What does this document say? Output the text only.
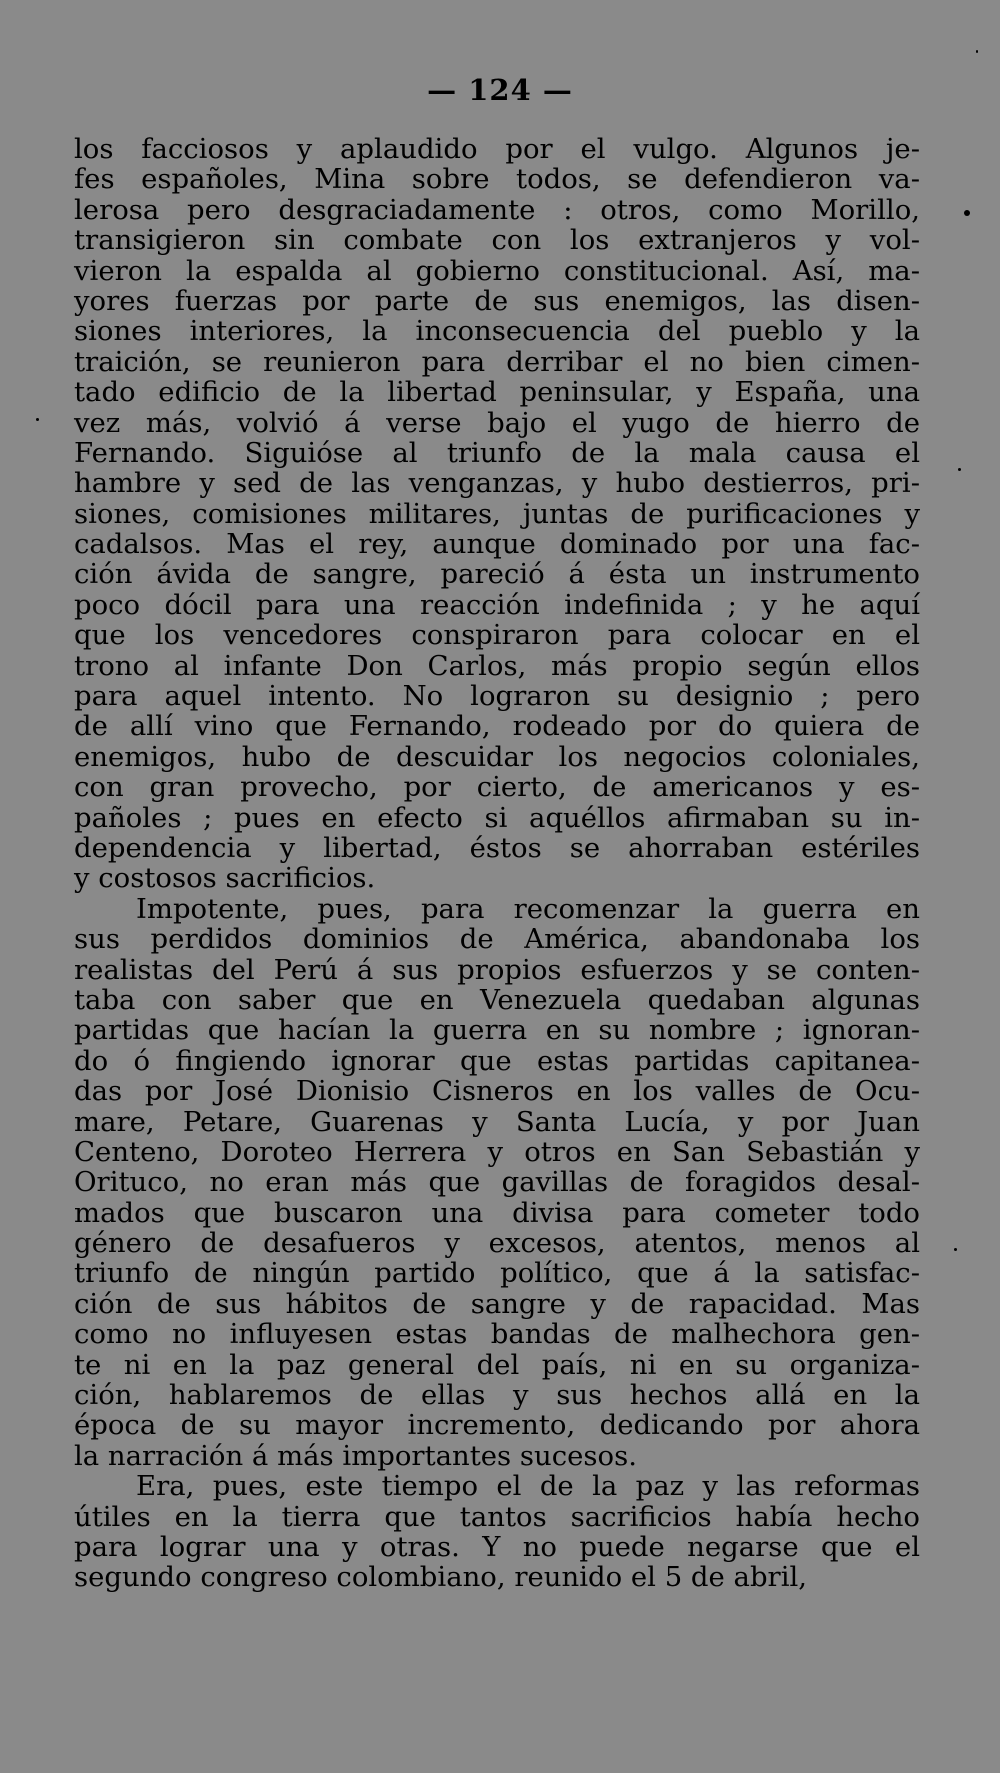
— 124 —
los facciosos y aplaudido por el vulgo. Algunos je-
fes españoles, Mina sobre todos, se defendieron va-
lerosa pero desgraciadamente : otros, como Morillo,
transigieron sin combate con los extranjeros y vol-
vieron la espalda al gobierno constitucional. Así, ma-
yores fuerzas por parte de sus enemigos, las disen-
siones interiores, la inconsecuencia del pueblo y la
traición, se reunieron para derribar el no bien cimen-
tado edificio de la libertad peninsular, y España, una
vez más, volvió á verse bajo el yugo de hierro de
Fernando. Siguióse al triunfo de la mala causa el
hambre y sed de las venganzas, y hubo destierros, pri-
siones, comisiones militares, juntas de purificaciones y
cadalsos. Mas el rey, aunque dominado por una fac-
ción ávida de sangre, pareció á ésta un instrumento
poco dócil para una reacción indefinida ; y he aquí
que los vencedores conspiraron para colocar en el
trono al infante Don Carlos, más propio según ellos
para aquel intento. No lograron su designio ; pero
de allí vino que Fernando, rodeado por do quiera de
enemigos, hubo de descuidar los negocios coloniales,
con gran provecho, por cierto, de americanos y es-
pañoles ; pues en efecto si aquéllos afirmaban su in-
dependencia y libertad, éstos se ahorraban estériles
y costosos sacrificios.
Impotente, pues, para recomenzar la guerra en
sus perdidos dominios de América, abandonaba los
realistas del Perú á sus propios esfuerzos y se conten-
taba con saber que en Venezuela quedaban algunas
partidas que hacían la guerra en su nombre ; ignoran-
do ó fingiendo ignorar que estas partidas capitanea-
das por José Dionisio Cisneros en los valles de Ocu-
mare, Petare, Guarenas y Santa Lucía, y por Juan
Centeno, Doroteo Herrera y otros en San Sebastián y
Orituco, no eran más que gavillas de foragidos desal-
mados que buscaron una divisa para cometer todo
género de desafueros y excesos, atentos, menos al
triunfo de ningún partido político, que á la satisfac-
ción de sus hábitos de sangre y de rapacidad. Mas
como no influyesen estas bandas de malhechora gen-
te ni en la paz general del país, ni en su organiza-
ción, hablaremos de ellas y sus hechos allá en la
época de su mayor incremento, dedicando por ahora
la narración á más importantes sucesos.
Era, pues, este tiempo el de la paz y las reformas
útiles en la tierra que tantos sacrificios había hecho
para lograr una y otras. Y no puede negarse que el
segundo congreso colombiano, reunido el 5 de abril,
